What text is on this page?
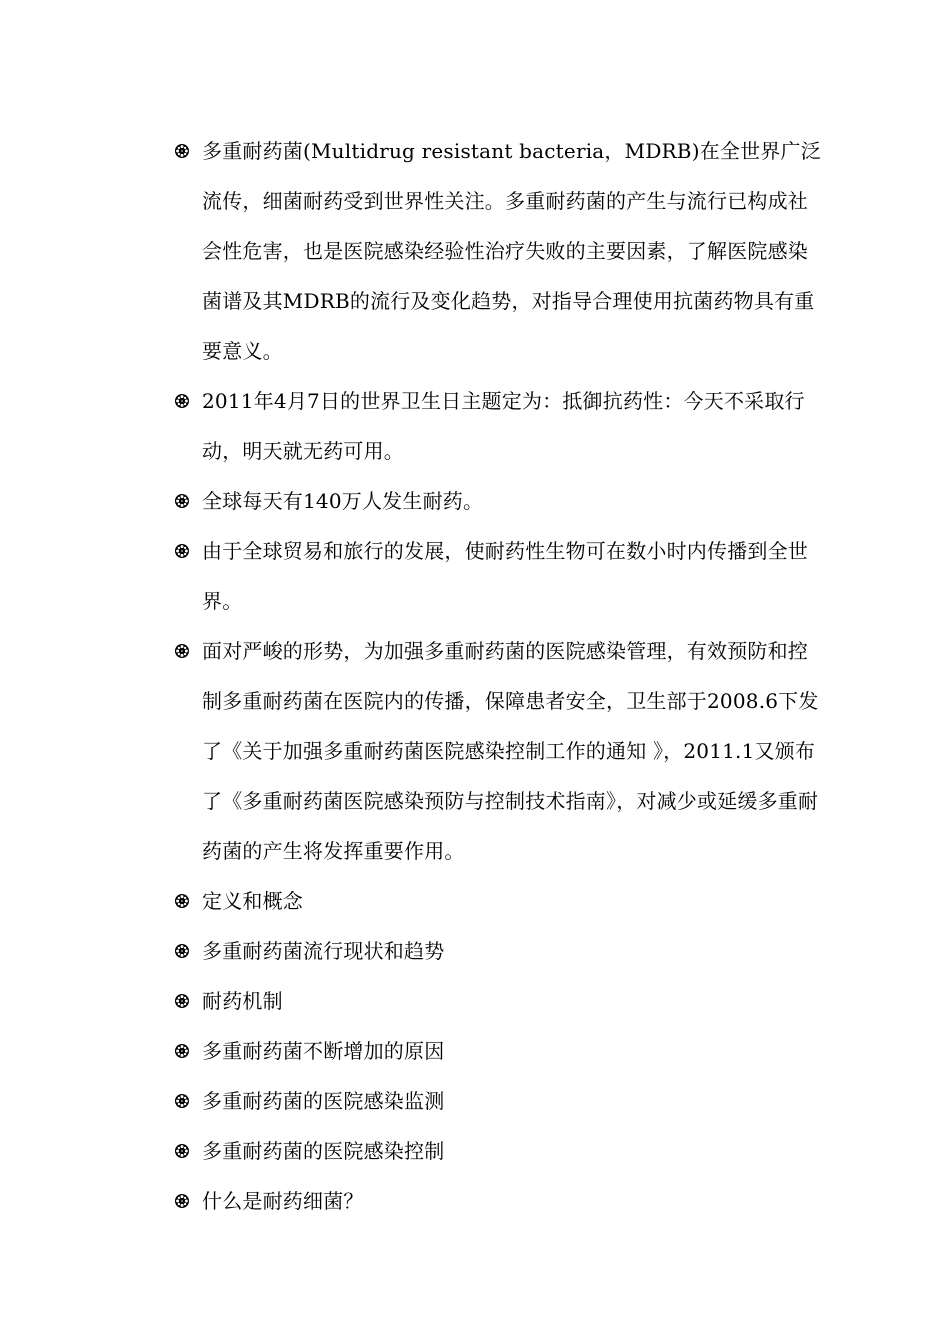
多重耐药菌(Multidrug resistant bacteria，MDRB)在全世界广泛流传，细菌耐药受到世界性关注。多重耐药菌的产生与流行已构成社会性危害，也是医院感染经验性治疗失败的主要因素，了解医院感染菌谱及其MDRB的流行及变化趋势，对指导合理使用抗菌药物具有重要意义。
2011年4月7日的世界卫生日主题定为：抵御抗药性：今天不采取行动，明天就无药可用。
全球每天有140万人发生耐药。
由于全球贸易和旅行的发展，使耐药性生物可在数小时内传播到全世界。
面对严峻的形势，为加强多重耐药菌的医院感染管理，有效预防和控制多重耐药菌在医院内的传播，保障患者安全，卫生部于2008.6下发了《关于加强多重耐药菌医院感染控制工作的通知 》，2011.1又颁布了《多重耐药菌医院感染预防与控制技术指南》，对减少或延缓多重耐药菌的产生将发挥重要作用。
定义和概念
多重耐药菌流行现状和趋势
耐药机制
多重耐药菌不断增加的原因
多重耐药菌的医院感染监测
多重耐药菌的医院感染控制
什么是耐药细菌？
